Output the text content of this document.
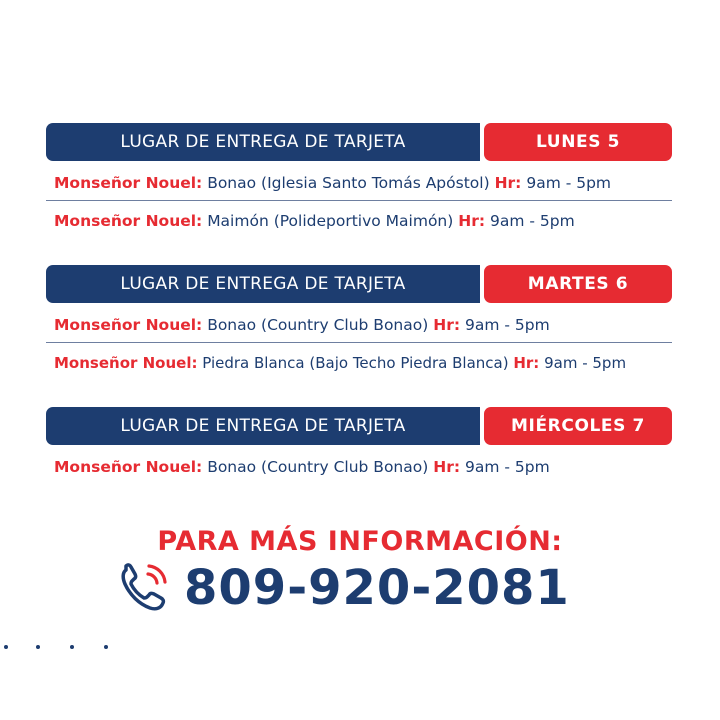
LUGAR DE ENTREGA DE TARJETA	LUNES 5
Monseñor Nouel:
Bonao (Iglesia Santo Tomás Apóstol)
Hr:
9am - 5pm
Monseñor Nouel:
Maimón (Polideportivo Maimón)
Hr:
9am - 5pm
LUGAR DE ENTREGA DE TARJETA	MARTES 6
Monseñor Nouel:
Bonao (Country Club Bonao)
Hr:
9am - 5pm
Monseñor Nouel:
Piedra Blanca (Bajo Techo Piedra Blanca)
Hr:
9am - 5pm
LUGAR DE ENTREGA DE TARJETA	MIÉRCOLES 7
Monseñor Nouel:
Bonao (Country Club Bonao)
Hr:
9am - 5pm
PARA MÁS INFORMACIÓN:
809-920-2081
